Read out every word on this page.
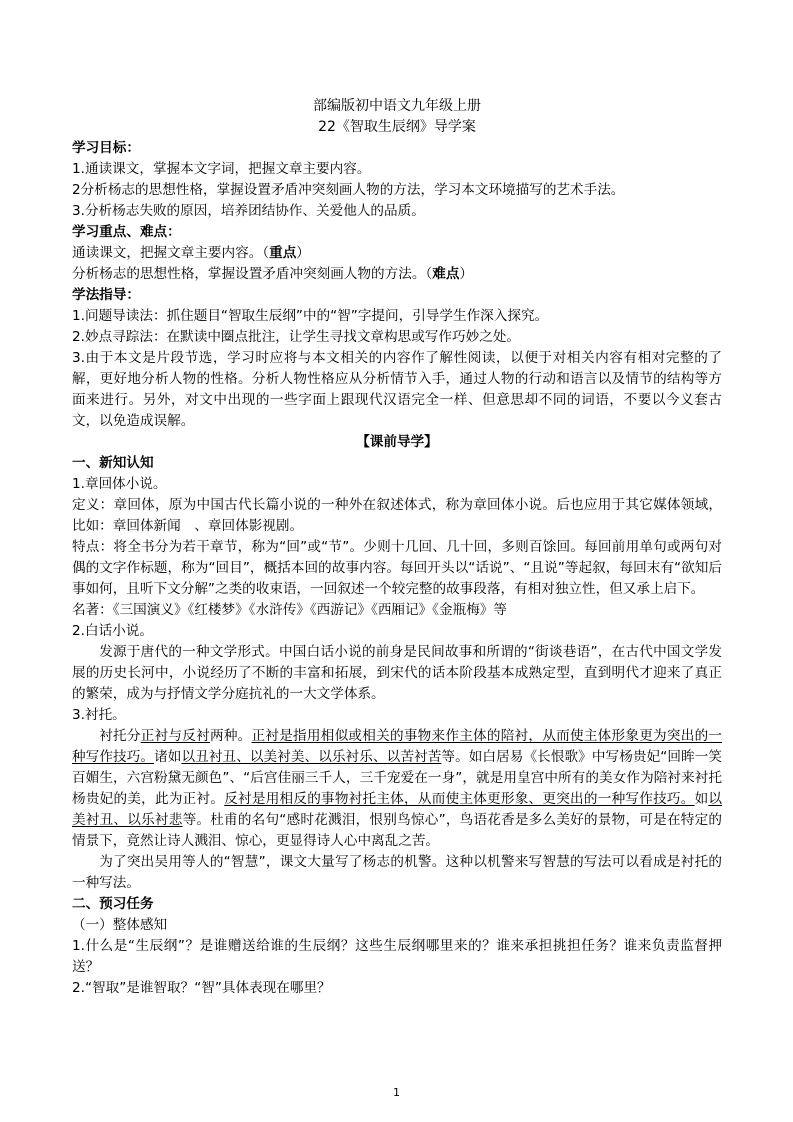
部编版初中语文九年级上册
22《智取生辰纲》导学案

学习目标：

1.通读课文，掌握本文字词，把握文章主要内容。

2分析杨志的思想性格，掌握设置矛盾冲突刻画人物的方法，学习本文环境描写的艺术手法。

3.分析杨志失败的原因，培养团结协作、关爱他人的品质。

学习重点、难点：

通读课文，把握文章主要内容。（重点）

分析杨志的思想性格，掌握设置矛盾冲突刻画人物的方法。（难点）

学法指导：

1.问题导读法：抓住题目“智取生辰纲”中的“智”字提问，引导学生作深入探究。

2.妙点寻踪法：在默读中圈点批注，让学生寻找文章构思或写作巧妙之处。

3.由于本文是片段节选，学习时应将与本文相关的内容作了解性阅读，以便于对相关内容有相对完整的了解，更好地分析人物的性格。分析人物性格应从分析情节入手，通过人物的行动和语言以及情节的结构等方面来进行。另外，对文中出现的一些字面上跟现代汉语完全一样、但意思却不同的词语，不要以今义套古文，以免造成误解。

【课前导学】

一、新知认知

1.章回体小说。

定义：章回体，原为中国古代长篇小说的一种外在叙述体式，称为章回体小说。后也应用于其它媒体领域，比如：章回体新闻　、章回体影视剧。

特点：将全书分为若干章节，称为“回”或“节”。少则十几回、几十回，多则百馀回。每回前用单句或两句对偶的文字作标题，称为“回目”，概括本回的故事内容。每回开头以“话说”、“且说”等起叙，每回末有“欲知后事如何，且听下文分解”之类的收束语，一回叙述一个较完整的故事段落，有相对独立性，但又承上启下。

名著：《三国演义》《红楼梦》《水浒传》《西游记》《西厢记》《金瓶梅》等

2.白话小说。

发源于唐代的一种文学形式。中国白话小说的前身是民间故事和所谓的“街谈巷语”，在古代中国文学发展的历史长河中，小说经历了不断的丰富和拓展，到宋代的话本阶段基本成熟定型，直到明代才迎来了真正的繁荣，成为与抒情文学分庭抗礼的一大文学体系。

3.衬托。

衬托分正衬与反衬两种。正衬是指用相似或相关的事物来作主体的陪衬，从而使主体形象更为突出的一种写作技巧。诸如以丑衬丑、以美衬美、以乐衬乐、以苦衬苦等。如白居易《长恨歌》中写杨贵妃“回眸一笑百媚生，六宫粉黛无颜色”、“后宫佳丽三千人，三千宠爱在一身”，就是用皇宫中所有的美女作为陪衬来衬托杨贵妃的美，此为正衬。反衬是用相反的事物衬托主体，从而使主体更形象、更突出的一种写作技巧。如以美衬丑、以乐衬悲等。杜甫的名句“感时花溅泪，恨别鸟惊心”，鸟语花香是多么美好的景物，可是在特定的情景下，竟然让诗人溅泪、惊心，更显得诗人心中离乱之苦。

为了突出吴用等人的“智慧”，课文大量写了杨志的机警。这种以机警来写智慧的写法可以看成是衬托的一种写法。

二、预习任务

（一）整体感知

1.什么是“生辰纲”？是谁赠送给谁的生辰纲？这些生辰纲哪里来的？谁来承担挑担任务？谁来负责监督押送？

2.“智取”是谁智取？“智”具体表现在哪里？

1
